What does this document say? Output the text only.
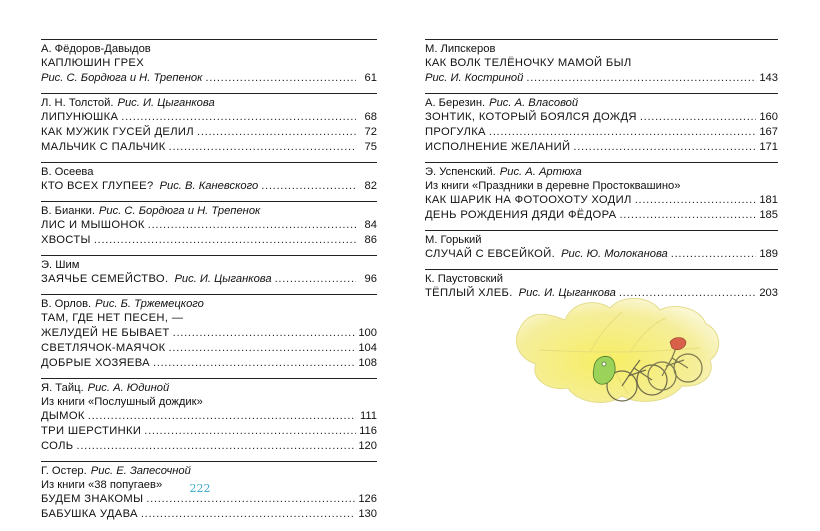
А. Фёдоров-Давыдов
КАПЛЮШИН ГРЕХ
Рис. С. Бордюга и Н. Трепенок . . .	61
Л. Н. Толстой. Рис. И. Цыганкова
ЛИПУНЮШКА . . .	68
КАК МУЖИК ГУСЕЙ ДЕЛИЛ . . .	72
МАЛЬЧИК С ПАЛЬЧИК . . .	75
В. Осеева
КТО ВСЕХ ГЛУПЕЕ? Рис. В. Каневского . . .	82
В. Бианки. Рис. С. Бордюга и Н. Трепенок
ЛИС И МЫШОНОК . . .	84
ХВОСТЫ . . .	86
Э. Шим
ЗАЯЧЬЕ СЕМЕЙСТВО. Рис. И. Цыганкова . . .	96
В. Орлов. Рис. Б. Тржемецкого
ТАМ, ГДЕ НЕТ ПЕСЕН, —
ЖЕЛУДЕЙ НЕ БЫВАЕТ . . .	100
СВЕТЛЯЧОК-МАЯЧОК . . .	104
ДОБРЫЕ ХОЗЯЕВА . . .	108
Я. Тайц. Рис. А. Юдиной
Из книги «Послушный дождик»
ДЫМОК . . .	111
ТРИ ШЕРСТИНКИ . . .	116
СОЛЬ . . .	120
Г. Остер. Рис. Е. Запесочной
Из книги «38 попугаев»
БУДЕМ ЗНАКОМЫ . . .	126
БАБУШКА УДАВА . . .	130
М. Липскеров
КАК ВОЛК ТЕЛЁНОЧКУ МАМОЙ БЫЛ
Рис. И. Костриной . . .	143
А. Березин. Рис. А. Власовой
ЗОНТИК, КОТОРЫЙ БОЯЛСЯ ДОЖДЯ . . .	160
ПРОГУЛКА . . .	167
ИСПОЛНЕНИЕ ЖЕЛАНИЙ . . .	171
Э. Успенский. Рис. А. Артюха
Из книги «Праздники в деревне Простоквашино»
КАК ШАРИК НА ФОТООХОТУ ХОДИЛ . . .	181
ДЕНЬ РОЖДЕНИЯ ДЯДИ ФЁДОРА . . .	185
М. Горький
СЛУЧАЙ С ЕВСЕЙКОЙ. Рис. Ю. Молоканова . . .	189
К. Паустовский
ТЁПЛЫЙ ХЛЕБ. Рис. И. Цыганкова . . .	203
222
